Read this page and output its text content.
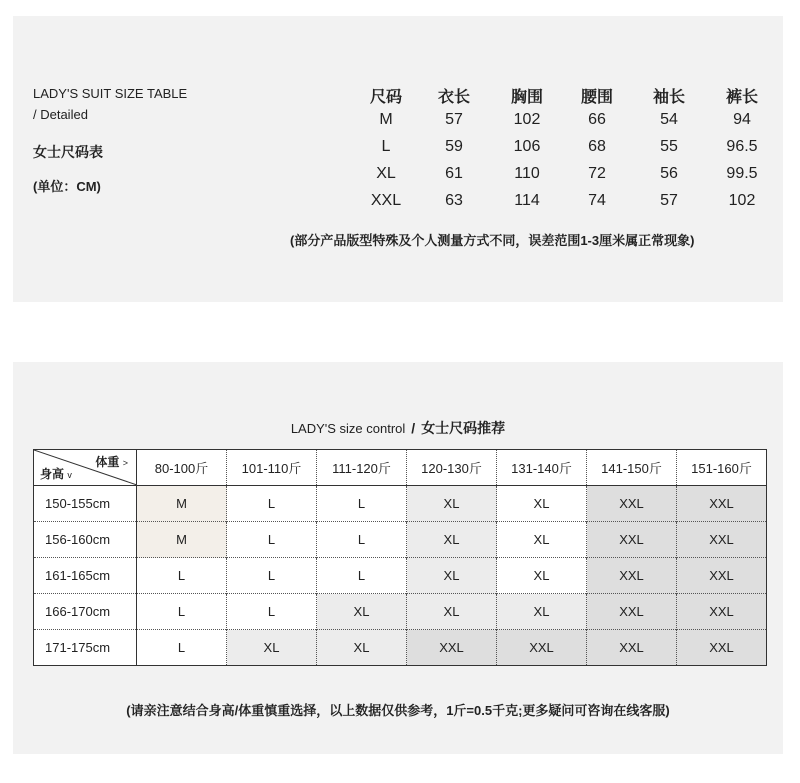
LADY'S SUIT SIZE TABLE
/ Detailed
女士尺码表
(单位：CM)
尺码	衣长	胸围	腰围	袖长	裤长
M	57	102	66	54	94
L	59	106	68	55	96.5
XL	61	110	72	56	99.5
XXL	63	114	74	57	102
(部分产品版型特殊及个人测量方式不同，误差范围1-3厘米属正常现象)
LADY'S size control / 女士尺码推荐
体重 >
身高 v	80-100斤	101-110斤	111-120斤	120-130斤	131-140斤	141-150斤	151-160斤
150-155cm	M	L	L	XL	XL	XXL	XXL
156-160cm	M	L	L	XL	XL	XXL	XXL
161-165cm	L	L	L	XL	XL	XXL	XXL
166-170cm	L	L	XL	XL	XL	XXL	XXL
171-175cm	L	XL	XL	XXL	XXL	XXL	XXL
(请亲注意结合身高/体重慎重选择，以上数据仅供参考，1斤=0.5千克;更多疑问可咨询在线客服)
